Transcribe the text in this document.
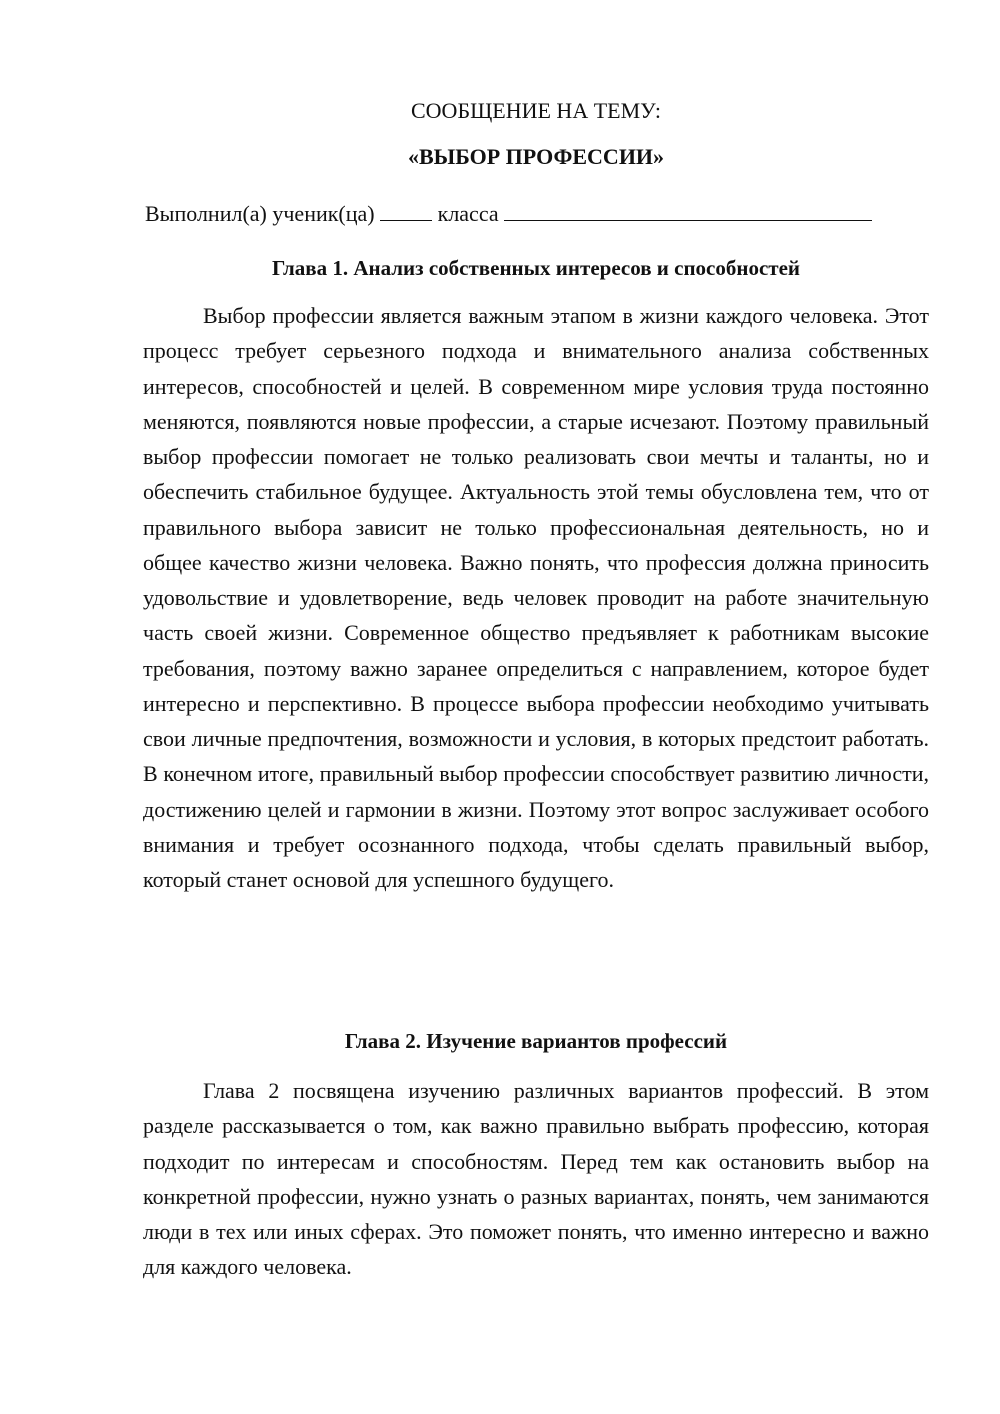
СООБЩЕНИЕ НА ТЕМУ:
«ВЫБОР ПРОФЕССИИ»
Выполнил(а) ученик(ца)	класса
Глава 1. Анализ собственных интересов и способностей

Выбор профессии является важным этапом в жизни каждого человека. Этот процесс требует серьезного подхода и внимательного анализа собственных интересов, способностей и целей. В современном мире условия труда постоянно меняются, появляются новые профессии, а старые исчезают. Поэтому правильный выбор профессии помогает не только реализовать свои мечты и таланты, но и обеспечить стабильное будущее. Актуальность этой темы обусловлена тем, что от правильного выбора зависит не только профессиональная деятельность, но и общее качество жизни человека. Важно понять, что профессия должна приносить удовольствие и удовлетворение, ведь человек проводит на работе значительную часть своей жизни. Современное общество предъявляет к работникам высокие требования, поэтому важно заранее определиться с направлением, которое будет интересно и перспективно. В процессе выбора профессии необходимо учитывать свои личные предпочтения, возможности и условия, в которых предстоит работать. В конечном итоге, правильный выбор профессии способствует развитию личности, достижению целей и гармонии в жизни. Поэтому этот вопрос заслуживает особого внимания и требует осознанного подхода, чтобы сделать правильный выбор, который станет основой для успешного будущего.

Глава 2. Изучение вариантов профессий

Глава 2 посвящена изучению различных вариантов профессий. В этом разделе рассказывается о том, как важно правильно выбрать профессию, которая подходит по интересам и способностям. Перед тем как остановить выбор на конкретной профессии, нужно узнать о разных вариантах, понять, чем занимаются люди в тех или иных сферах. Это поможет понять, что именно интересно и важно для каждого человека.
